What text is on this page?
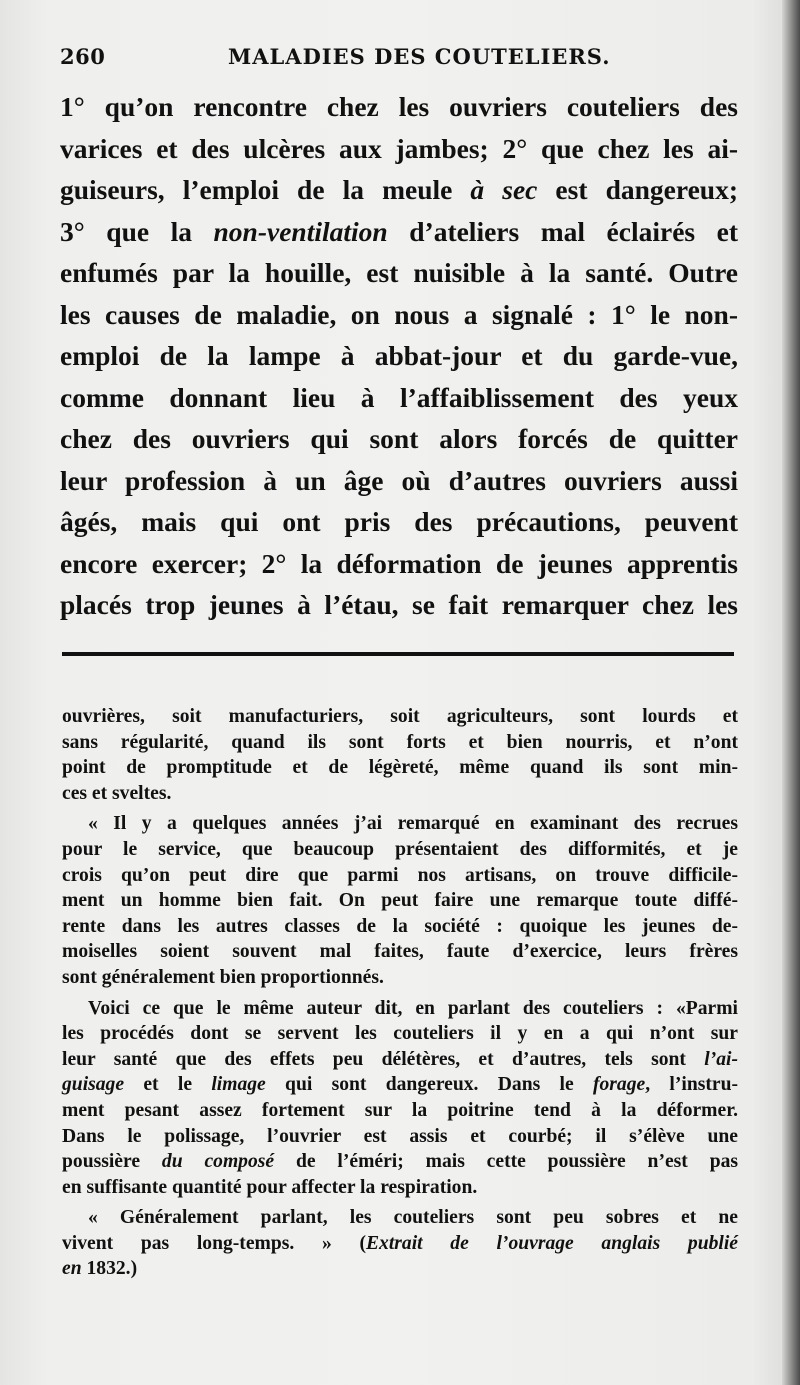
260	MALADIES DES COUTELIERS.
1° qu’on rencontre chez les ouvriers couteliers des
varices et des ulcères aux jambes; 2° que chez les ai-
guiseurs, l’emploi de la meule à sec est dangereux;
3° que la non-ventilation d’ateliers mal éclairés et
enfumés par la houille, est nuisible à la santé. Outre
les causes de maladie, on nous a signalé : 1° le non-
emploi de la lampe à abbat-jour et du garde-vue,
comme donnant lieu à l’affaiblissement des yeux
chez des ouvriers qui sont alors forcés de quitter
leur profession à un âge où d’autres ouvriers aussi
âgés, mais qui ont pris des précautions, peuvent
encore exercer; 2° la déformation de jeunes apprentis
placés trop jeunes à l’étau, se fait remarquer chez les
ouvrières, soit manufacturiers, soit agriculteurs, sont lourds et
sans régularité, quand ils sont forts et bien nourris, et n’ont
point de promptitude et de légèreté, même quand ils sont min-
ces et sveltes.
« Il y a quelques années j’ai remarqué en examinant des recrues
pour le service, que beaucoup présentaient des difformités, et je
crois qu’on peut dire que parmi nos artisans, on trouve difficile-
ment un homme bien fait. On peut faire une remarque toute diffé-
rente dans les autres classes de la société : quoique les jeunes de-
moiselles soient souvent mal faites, faute d’exercice, leurs frères
sont généralement bien proportionnés.
Voici ce que le même auteur dit, en parlant des couteliers : «Parmi
les procédés dont se servent les couteliers il y en a qui n’ont sur
leur santé que des effets peu délétères, et d’autres, tels sont l’ai-
guisage et le limage qui sont dangereux. Dans le forage, l’instru-
ment pesant assez fortement sur la poitrine tend à la déformer.
Dans le polissage, l’ouvrier est assis et courbé; il s’élève une
poussière du composé de l’éméri; mais cette poussière n’est pas
en suffisante quantité pour affecter la respiration.
« Généralement parlant, les couteliers sont peu sobres et ne
vivent pas long-temps. » (Extrait de l’ouvrage anglais publié
en 1832.)
